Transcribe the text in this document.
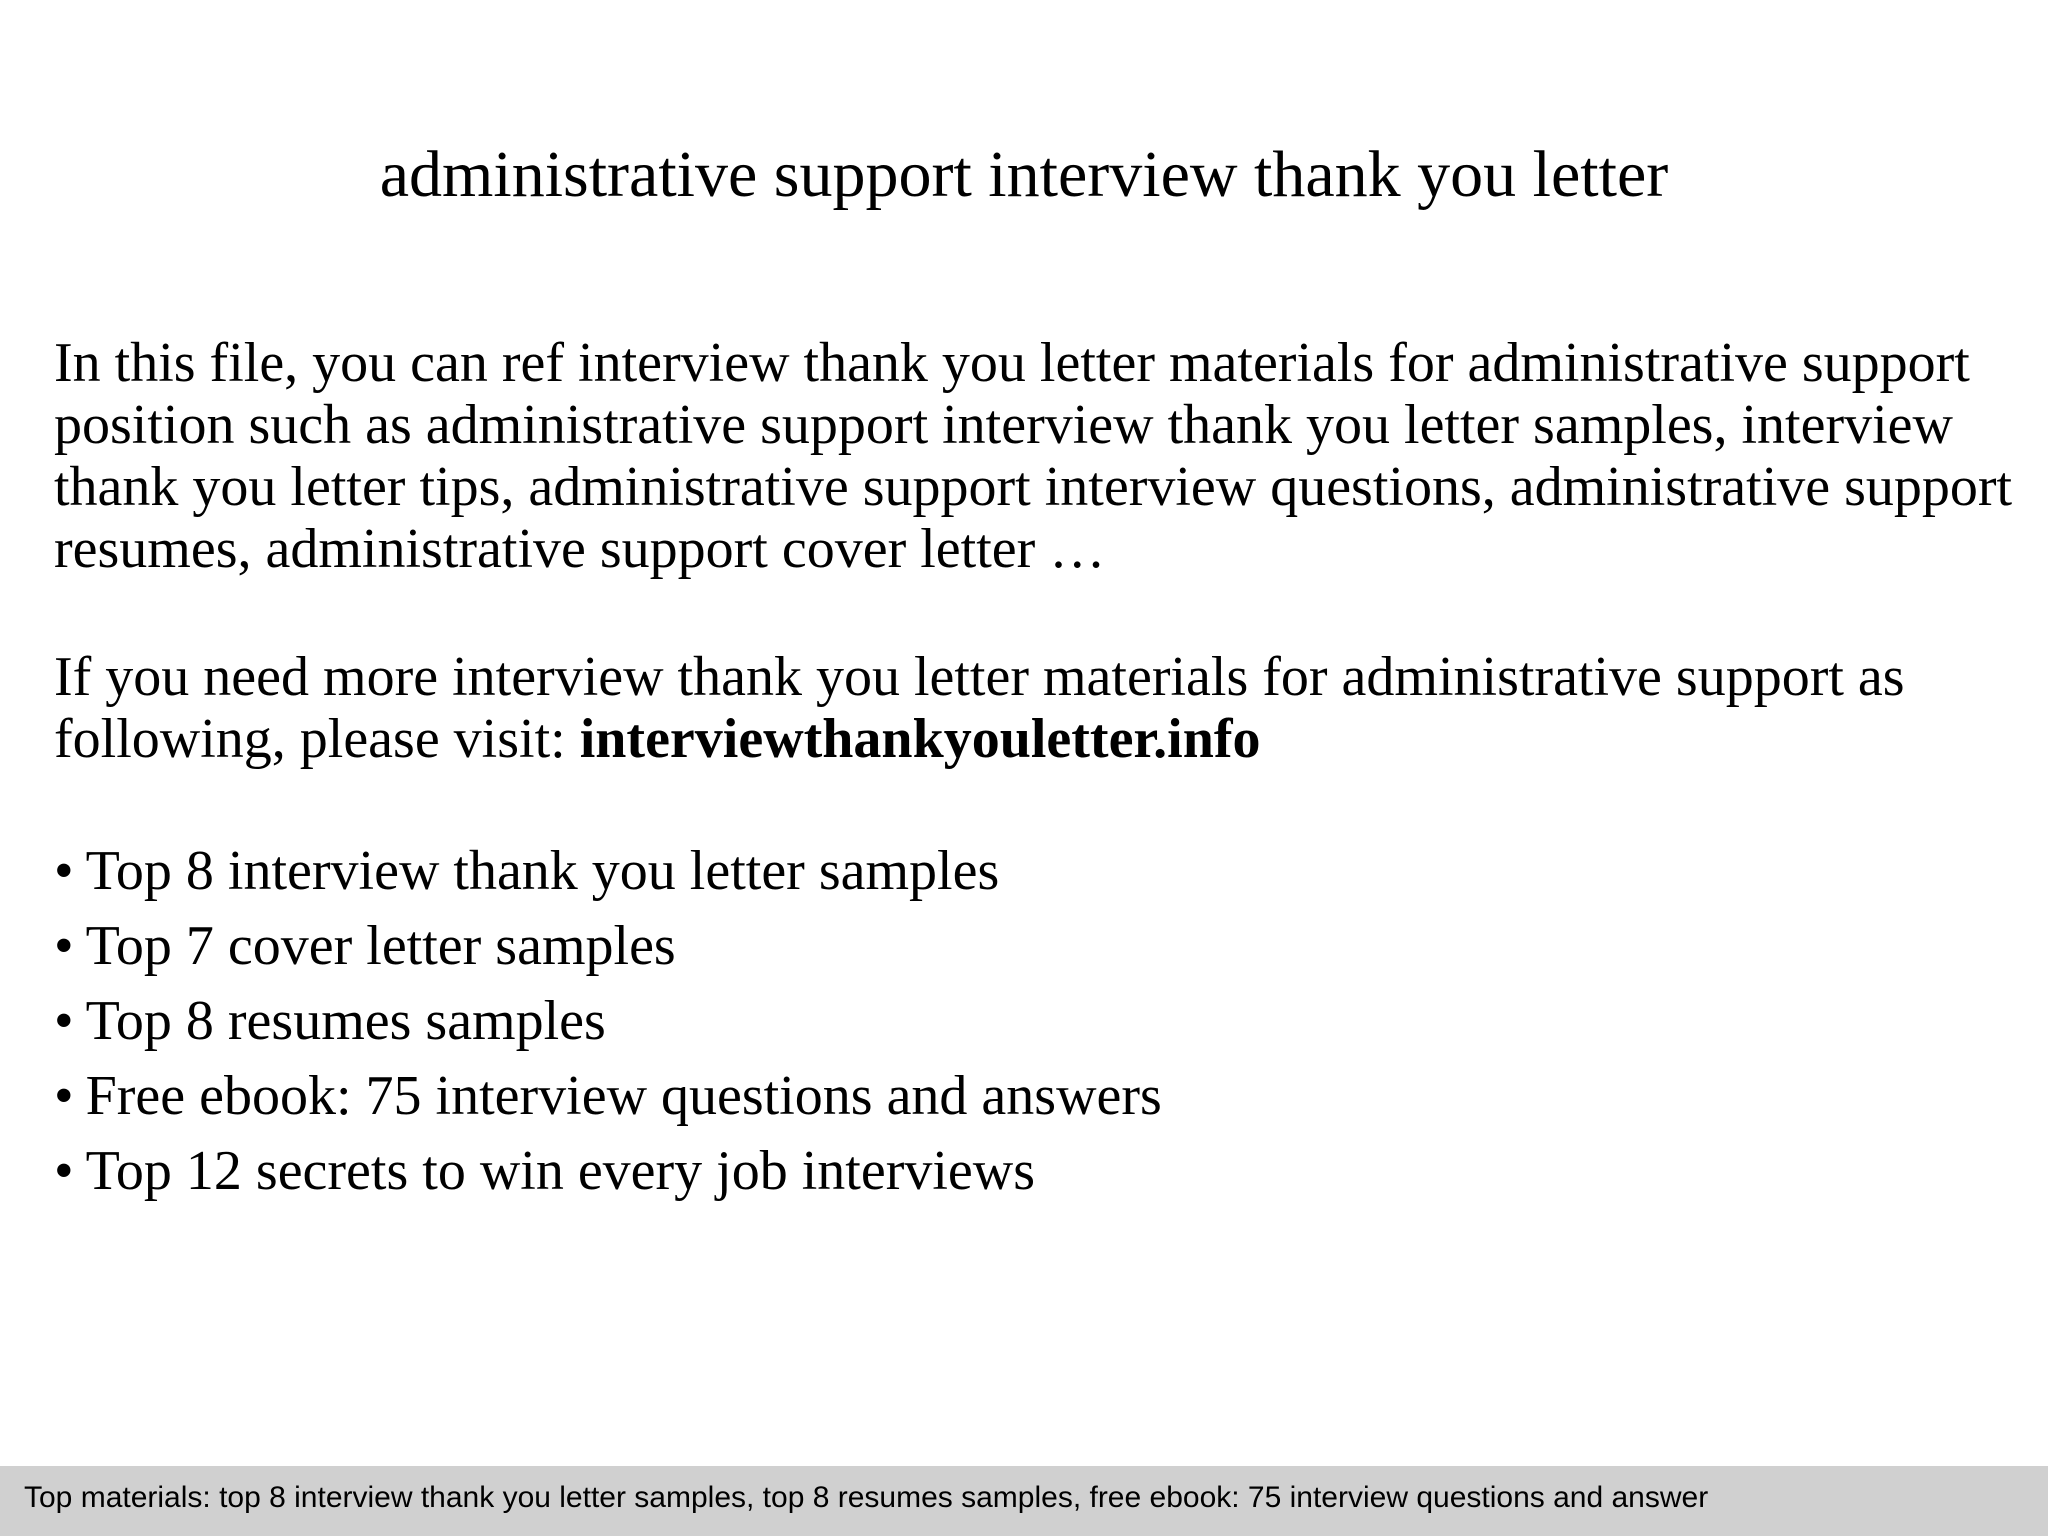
administrative support interview thank you letter

In this file, you can ref interview thank you letter materials for administrative support position such as administrative support interview thank you letter samples, interview thank you letter tips, administrative support interview questions, administrative support resumes, administrative support cover letter …

If you need more interview thank you letter materials for administrative support as following, please visit: interviewthankyouletter.info

• Top 8 interview thank you letter samples
• Top 7 cover letter samples
• Top 8 resumes samples
• Free ebook: 75 interview questions and answers
• Top 12 secrets to win every job interviews
Top materials: top 8 interview thank you letter samples, top 8 resumes samples, free ebook: 75 interview questions and answer
